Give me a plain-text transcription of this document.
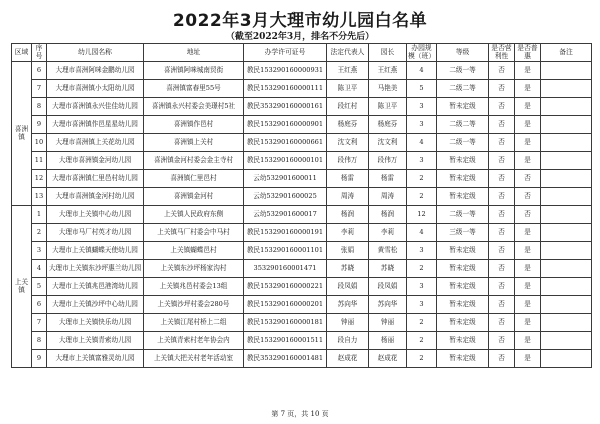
2022年3月大理市幼儿园白名单
（截至2022年3月，排名不分先后）
区域	序号	幼儿园名称	地址	办学许可证号	法定代表人	园长	办园规模（班）	等级	是否营利性	是否普惠	备注
喜洲镇	6	大理市喜洲阿咪金鹏幼儿园	喜洲镇阿咪城南贸街	教民153290160000931	王红燕	王红燕	4	二级一等	否	是	
	7	大理市喜洲镇小太阳幼儿园	喜洲镇富春里55号	教民153290160000111	陈卫平	马艳美	5	二级二等	否	是	
	8	大理市喜洲镇永兴佳佳幼儿园	喜洲镇永兴村委会美璟村5社	教民353290160000161	段红村	陈卫平	3	暂未定级	否	是	
	9	大理市喜洲镇作邑星星幼儿园	喜洲镇作邑村	教民153290160000901	杨庭芬	杨庭芬	3	二级二等	否	是	
	10	大理市喜洲镇上关花幼儿园	喜洲镇上关村	教民153290160000661	沈文利	沈文利	4	二级一等	否	是	
	11	大理市喜洲镇金河幼儿园	喜洲镇金河村委会金主寺村	教民153290160000101	段伟万	段伟万	3	暂未定级	否	是	
	12	大理市喜洲镇仁里邑村幼儿园	喜洲镇仁里邑村	云幼532901600011	杨雷	杨雷	2	暂未定级	否	否	
	13	大理市喜洲镇金河村幼儿园	喜洲镇金河村	云幼532901600025	周涛	周涛	2	暂未定级	否	否	
上关镇	1	大理市上关镇中心幼儿园	上关镇人民政府东侧	云幼532901600017	杨润	杨润	12	二级一等	否	否	
	2	大理市马厂村英才幼儿园	上关镇马厂村委会中马村	教民153290160000191	李莉	李莉	4	三级一等	否	是	
	3	大理市上关镇蝴蝶天使幼儿园	上关镇蝴蝶邑村	教民153290160001101	张娟	黄雪松	3	暂未定级	否	是	
	4	大理市上关镇东沙坪惠兰幼儿园	上关镇东沙坪杨家沟村	353290160001471	苏晓	苏晓	2	暂未定级	否	是	
	5	大理市上关镇兆邑港湾幼儿园	上关镇兆邑村委会13组	教民153290160000221	段凤娟	段凤娟	3	暂未定级	否	是	
	6	大理市上关镇沙坪中心幼儿园	上关镇沙坪村委会280号	教民153290160000201	苏向华	苏向华	3	暂未定级	否	是	
	7	大理市上关镇快乐幼儿园	上关镇江尾村桥上二组	教民153290160000181	钟丽	钟丽	2	暂未定级	否	是	
	8	大理市上关镇青索幼儿园	上关镇青索村老年协会内	教民153290160001511	段自力	杨丽	2	暂未定级	否	是	
	9	大理市上关镇富雅灵幼儿园	上关镇大把关村老年活动室	教民353290160001481	赵成花	赵成花	2	暂未定级	否	是	
第 7 页，共 10 页
